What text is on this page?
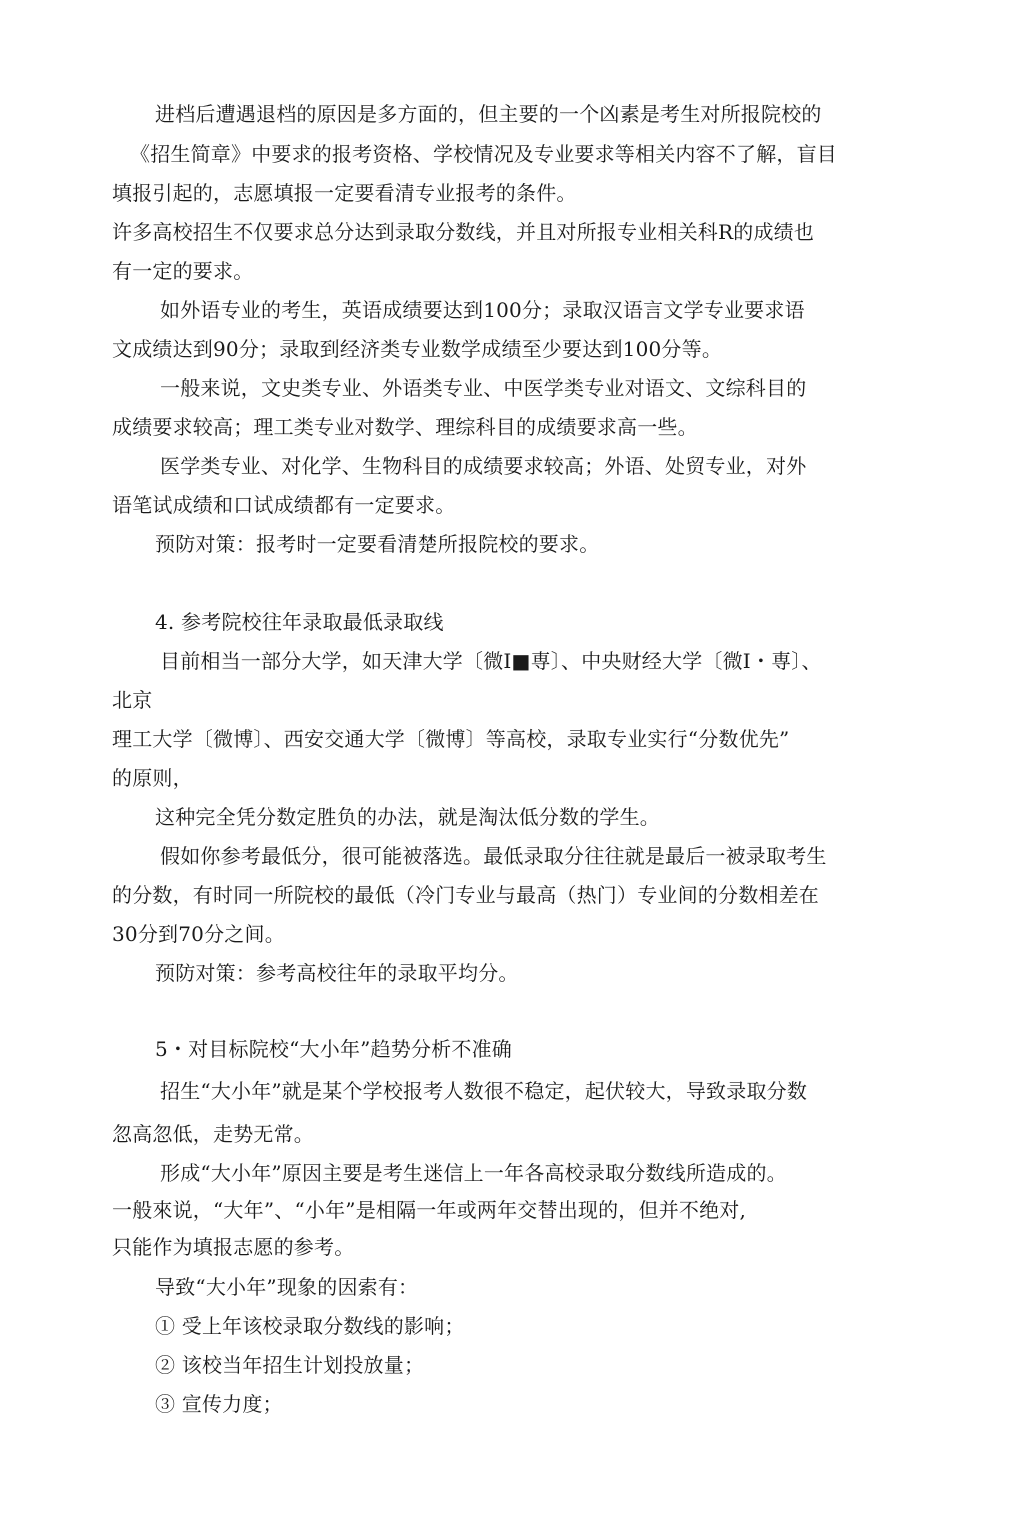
进档后遭遇退档的原因是多方面的，但主要的一个凶素是考生对所报院校的
《招生简章》中要求的报考资格、学校情况及专业要求等相关内容不了解，盲目
填报引起的，志愿填报一定要看清专业报考的条件。
许多高校招生不仅要求总分达到录取分数线，并且对所报专业相关科R的成绩也
有一定的要求。
如外语专业的考生，英语成绩要达到100分；录取汉语言文学专业要求语
文成绩达到90分；录取到经济类专业数学成绩至少要达到100分等。
一般来说，文史类专业、外语类专业、中医学类专业对语文、文综科目的
成绩要求较高；理工类专业对数学、理综科目的成绩要求高一些。
医学类专业、对化学、生物科目的成绩要求较高；外语、处贸专业，对外
语笔试成绩和口试成绩都有一定要求。
预防对策：报考时一定要看清楚所报院校的要求。
4. 参考院校往年录取最低录取线
目前相当一部分大学，如天津大学〔微I■専〕、中央财经大学〔微I・専〕、
北京
理工大学〔微博〕、西安交通大学〔微博〕等高校，录取专业实行“分数优先”
的原则，
这种完全凭分数定胜负的办法，就是淘汰低分数的学生。
假如你参考最低分，很可能被落选。最低录取分往往就是最后一被录取考生
的分数，有时同一所院校的最低（冷门专业与最高（热门）专业间的分数相差在
30分到70分之间。
预防对策：参考高校往年的录取平均分。
5・对目标院校“大小年”趋势分析不准确
招生“大小年”就是某个学校报考人数很不稳定，起伏较大，导致录取分数
忽高忽低，走势无常。
形成“大小年”原因主要是考生迷信上一年各高校录取分数线所造成的。
一般來说，“大年”、“小年”是相隔一年或两年交替出现的，但并不绝对,
只能作为填报志愿的参考。
导致“大小年”现象的因索有：
① 受上年该校录取分数线的影响；
② 该校当年招生计划投放量；
③ 宣传力度；
